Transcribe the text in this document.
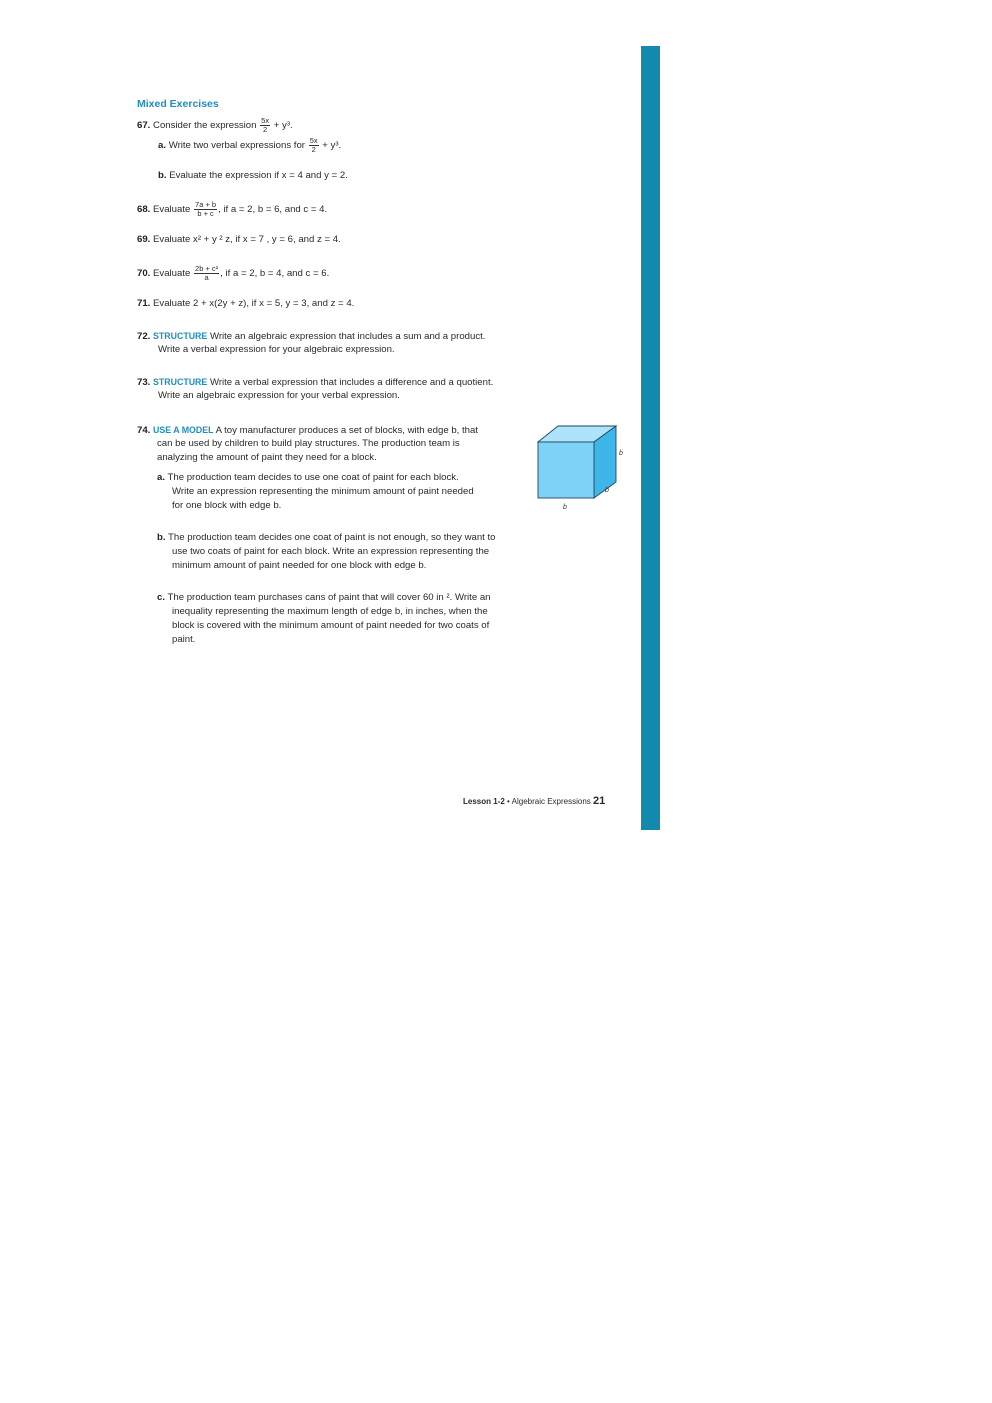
Mixed Exercises
67. Consider the expression $\frac{5x}{2} + y^3$.
a. Write two verbal expressions for $\frac{5x}{2} + y^3$.
b. Evaluate the expression if x = 4 and y = 2.
68. Evaluate $\frac{7a + b}{b + c}$ , if a = 2, b = 6, and c = 4.
69. Evaluate x² + y ² z, if x = 7 , y = 6, and z = 4.
70. Evaluate $\frac{\text{2b + c²}}{a}$ , if a = 2, b = 4, and c = 6.
71. Evaluate 2 + x(2y + z), if x = 5, y = 3, and z = 4.
72. STRUCTURE Write an algebraic expression that includes a sum and a product.
Write a verbal expression for your algebraic expression.
73. STRUCTURE Write a verbal expression that includes a difference and a quotient.
Write an algebraic expression for your verbal expression.
74. USE A MODEL A toy manufacturer produces a set of blocks, with edge b, that
can be used by children to build play structures. The production team is
analyzing the amount of paint they need for a block.
a. The production team decides to use one coat of paint for each block.
Write an expression representing the minimum amount of paint needed
for one block with edge b.
b. The production team decides one coat of paint is not enough, so they want to
use two coats of paint for each block. Write an expression representing the
minimum amount of paint needed for one block with edge b.
c. The production team purchases cans of paint that will cover 60 in ². Write an
inequality representing the maximum length of edge b, in inches, when the
block is covered with the minimum amount of paint needed for two coats of
paint.
b
b
b
Lesson 1-2 • Algebraic Expressions 21
